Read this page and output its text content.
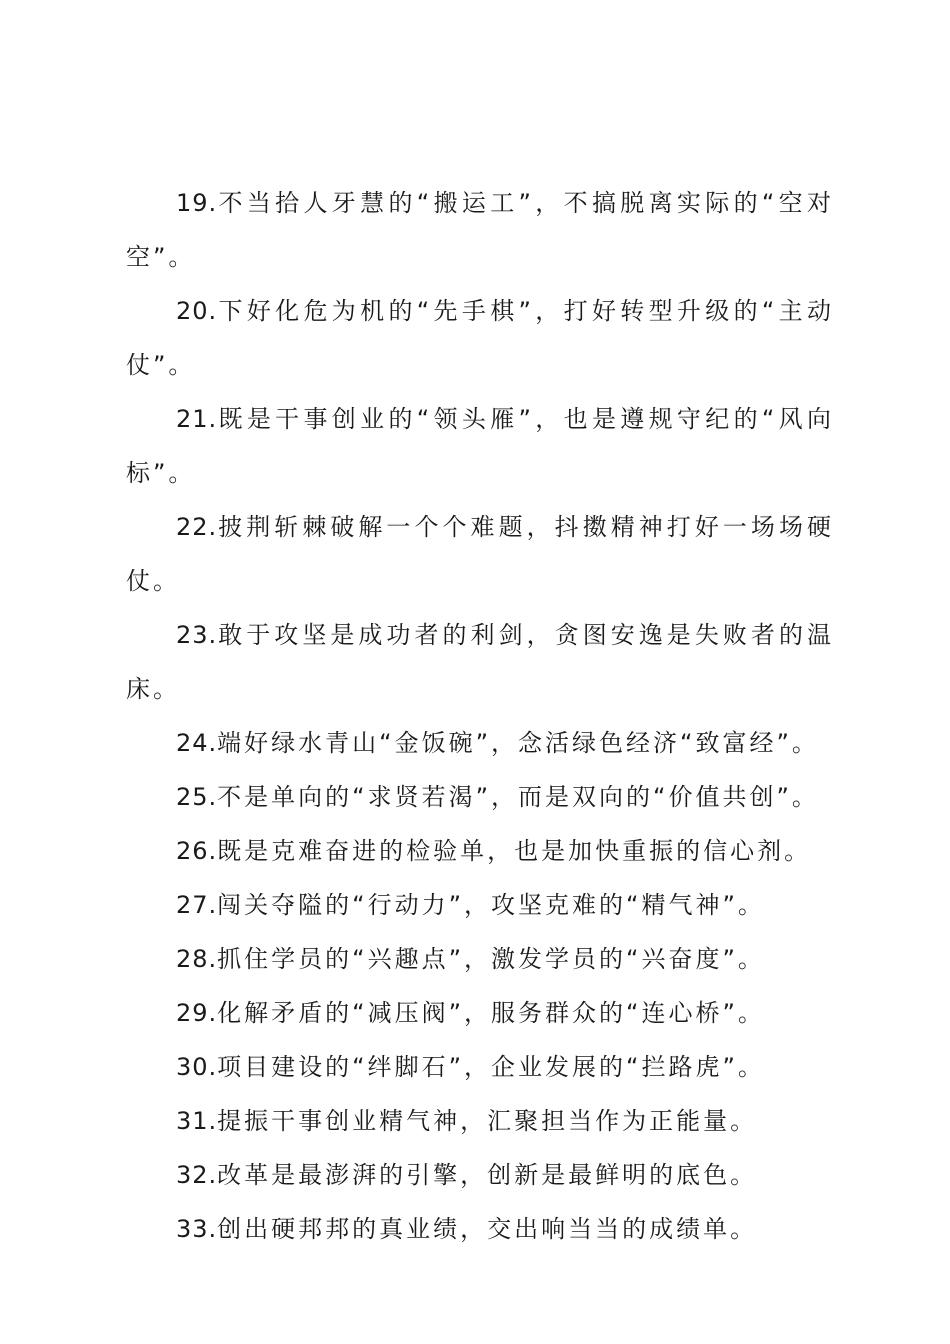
19.不当拾人牙慧的“搬运工”，不搞脱离实际的“空对空”。

20.下好化危为机的“先手棋”，打好转型升级的“主动仗”。

21.既是干事创业的“领头雁”，也是遵规守纪的“风向标”。

22.披荆斩棘破解一个个难题，抖擞精神打好一场场硬仗。

23.敢于攻坚是成功者的利剑，贪图安逸是失败者的温床。

24.端好绿水青山“金饭碗”，念活绿色经济“致富经”。

25.不是单向的“求贤若渴”，而是双向的“价值共创”。

26.既是克难奋进的检验单，也是加快重振的信心剂。

27.闯关夺隘的“行动力”，攻坚克难的“精气神”。

28.抓住学员的“兴趣点”，激发学员的“兴奋度”。

29.化解矛盾的“减压阀”，服务群众的“连心桥”。

30.项目建设的“绊脚石”，企业发展的“拦路虎”。

31.提振干事创业精气神，汇聚担当作为正能量。

32.改革是最澎湃的引擎，创新是最鲜明的底色。

33.创出硬邦邦的真业绩，交出响当当的成绩单。
